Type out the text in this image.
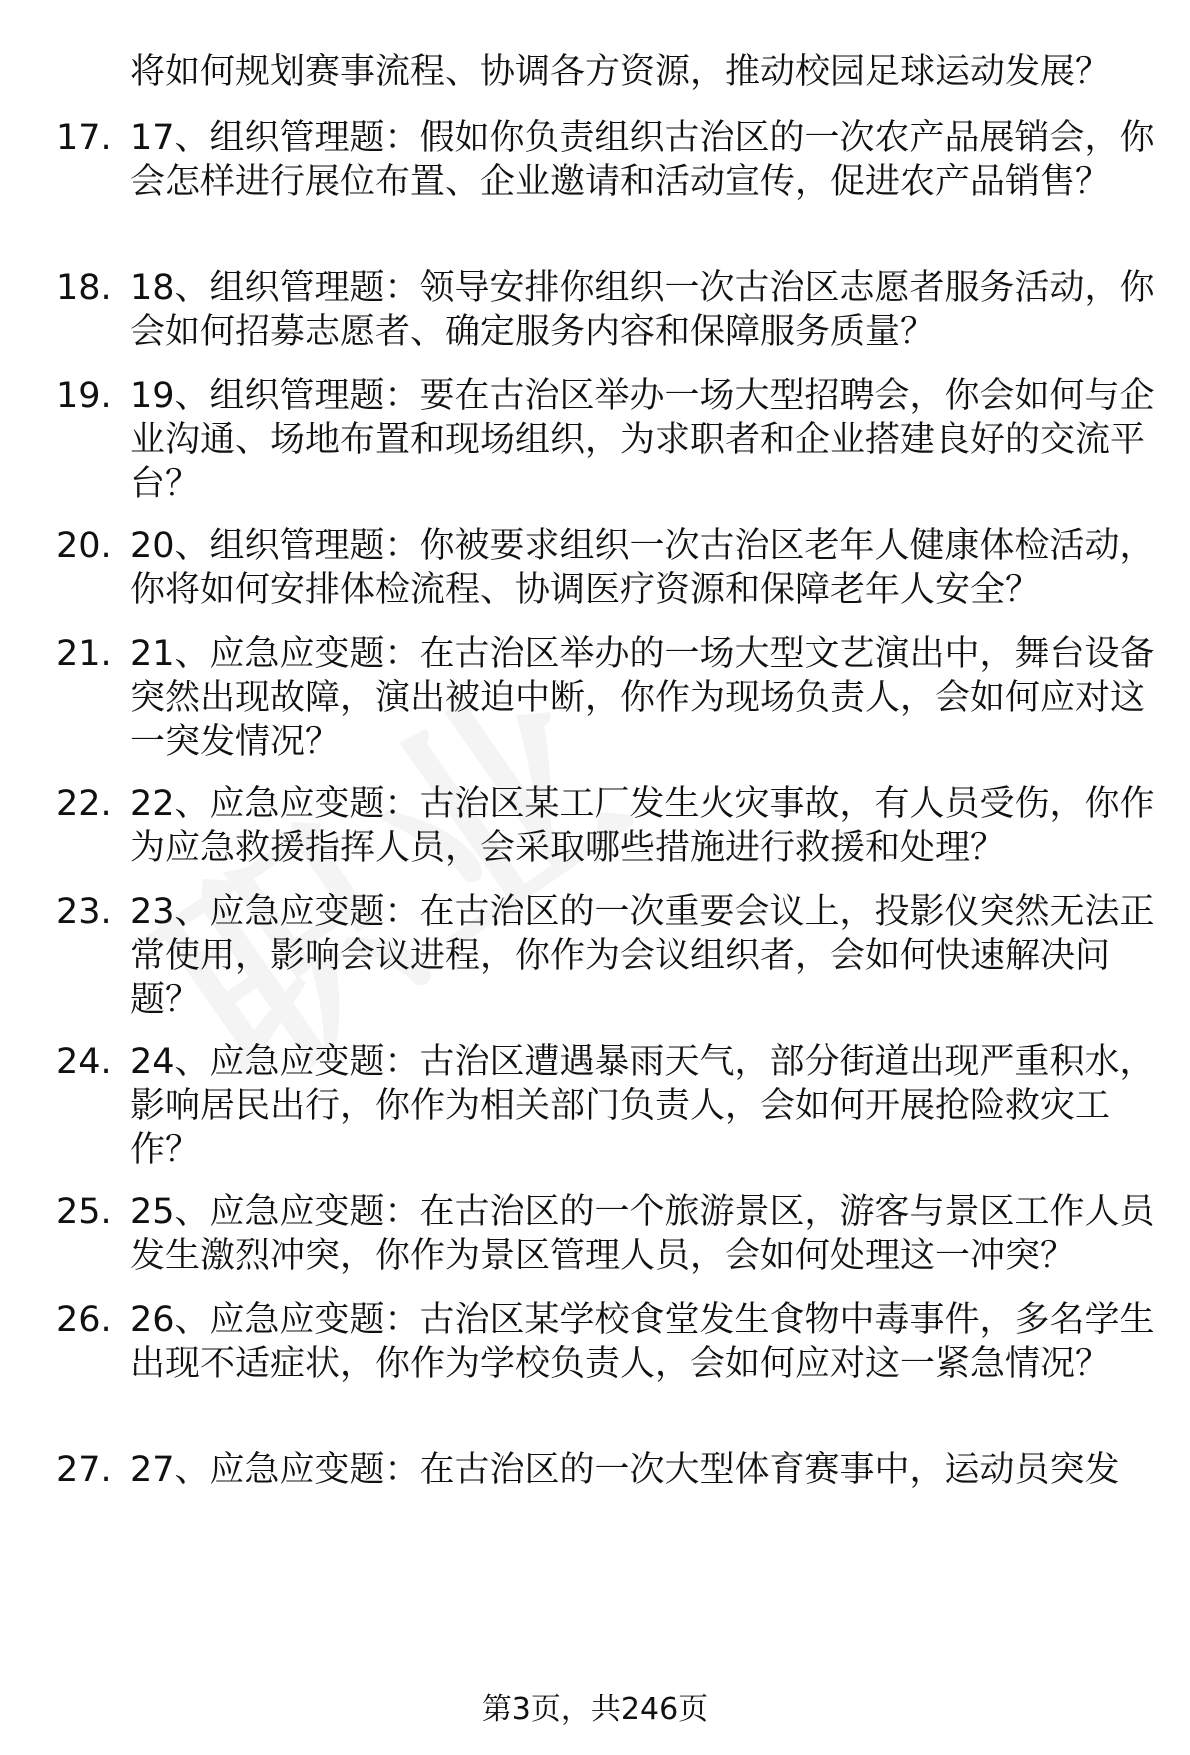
将如何规划赛事流程、协调各方资源，推动校园足球运动发展？

17. 17、组织管理题：假如你负责组织古治区的一次农产品展销会，你会怎样进行展位布置、企业邀请和活动宣传，促进农产品销售？

18. 18、组织管理题：领导安排你组织一次古治区志愿者服务活动，你会如何招募志愿者、确定服务内容和保障服务质量？

19. 19、组织管理题：要在古治区举办一场大型招聘会，你会如何与企业沟通、场地布置和现场组织，为求职者和企业搭建良好的交流平台？

20. 20、组织管理题：你被要求组织一次古治区老年人健康体检活动，你将如何安排体检流程、协调医疗资源和保障老年人安全？

21. 21、应急应变题：在古治区举办的一场大型文艺演出中，舞台设备突然出现故障，演出被迫中断，你作为现场负责人，会如何应对这一突发情况？

22. 22、应急应变题：古治区某工厂发生火灾事故，有人员受伤，你作为应急救援指挥人员，会采取哪些措施进行救援和处理？

23. 23、应急应变题：在古治区的一次重要会议上，投影仪突然无法正常使用，影响会议进程，你作为会议组织者，会如何快速解决问题？

24. 24、应急应变题：古治区遭遇暴雨天气，部分街道出现严重积水，影响居民出行，你作为相关部门负责人，会如何开展抢险救灾工作？

25. 25、应急应变题：在古治区的一个旅游景区，游客与景区工作人员发生激烈冲突，你作为景区管理人员，会如何处理这一冲突？

26. 26、应急应变题：古治区某学校食堂发生食物中毒事件，多名学生出现不适症状，你作为学校负责人，会如何应对这一紧急情况？

27. 27、应急应变题：在古治区的一次大型体育赛事中，运动员突发

第3页，共246页
